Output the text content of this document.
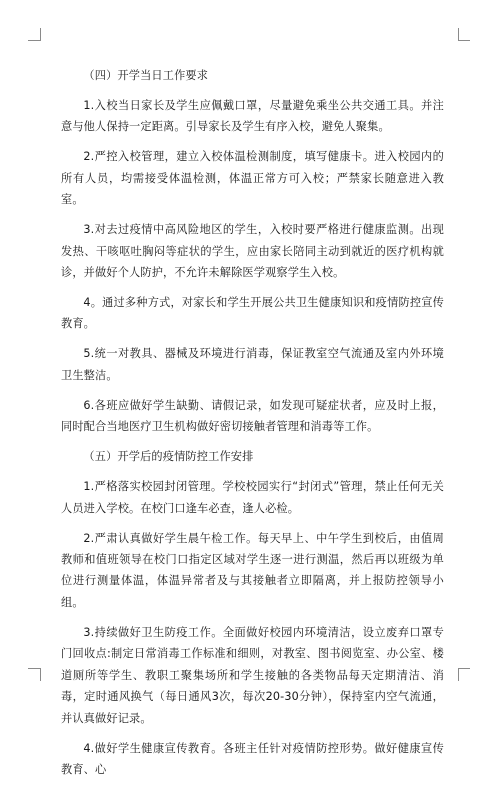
（四）开学当日工作要求

1.入校当日家长及学生应佩戴口罩，尽量避免乘坐公共交通工具。并注意与他人保持一定距离。引导家长及学生有序入校，避免人聚集。

2.严控入校管理，建立入校体温检测制度，填写健康卡。进入校园内的所有人员，均需接受体温检测，体温正常方可入校；严禁家长随意进入教室。

3.对去过疫情中高风险地区的学生，入校时要严格进行健康监测。出现发热、干咳呕吐胸闷等症状的学生，应由家长陪同主动到就近的医疗机构就诊，并做好个人防护，不允许未解除医学观察学生入校。

4。通过多种方式，对家长和学生开展公共卫生健康知识和疫情防控宣传教育。

5.统一对教具、器械及环境进行消毒，保证教室空气流通及室内外环境卫生整洁。

6.各班应做好学生缺勤、请假记录，如发现可疑症状者，应及时上报，同时配合当地医疗卫生机构做好密切接触者管理和消毒等工作。

（五）开学后的疫情防控工作安排

1.严格落实校园封闭管理。学校校园实行“封闭式”管理，禁止任何无关人员进入学校。在校门口逢车必查，逢人必检。

2.严肃认真做好学生晨午检工作。每天早上、中午学生到校后，由值周教师和值班领导在校门口指定区域对学生逐一进行测温，然后再以班级为单位进行测量体温，体温异常者及与其接触者立即隔离，并上报防控领导小组。

3.持续做好卫生防疫工作。全面做好校园内环境清洁，设立废弃口罩专门回收点:制定日常消毒工作标准和细则，对教室、图书阅览室、办公室、楼道厕所等学生、教职工聚集场所和学生接触的各类物品每天定期清洁、消毒，定时通风换气（每日通风3次，每次20-30分钟），保持室内空气流通，并认真做好记录。

4.做好学生健康宣传教育。各班主任针对疫情防控形势。做好健康宣传教育、心
